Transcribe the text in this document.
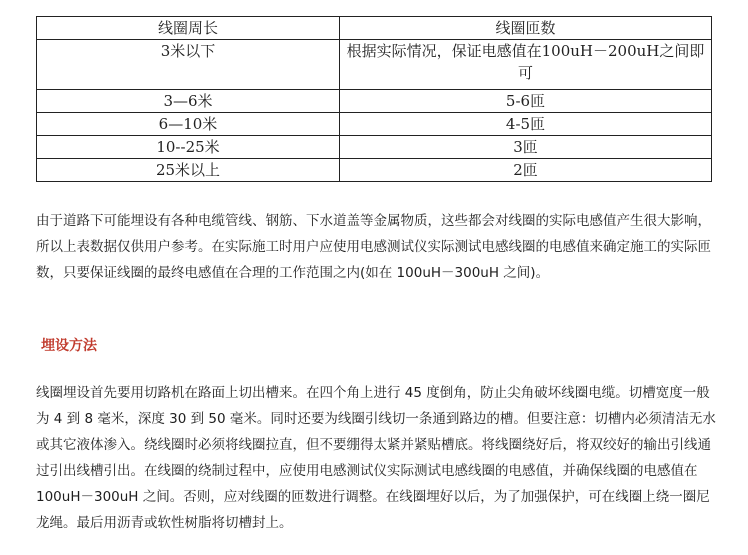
线圈周长	线圈匝数
3米以下	根据实际情况，保证电感值在100uH－200uH之间即可
3—6米	5-6匝
6—10米	4-5匝
10--25米	3匝
25米以上	2匝

由于道路下可能埋设有各种电缆管线、钢筋、下水道盖等金属物质，这些都会对线圈的实际电感值产生很大影响，所以上表数据仅供用户参考。在实际施工时用户应使用电感测试仪实际测试电感线圈的电感值来确定施工的实际匝数，只要保证线圈的最终电感值在合理的工作范围之内(如在 100uH－300uH 之间)。

埋设方法

线圈埋设首先要用切路机在路面上切出槽来。在四个角上进行 45 度倒角，防止尖角破坏线圈电缆。切槽宽度一般为 4 到 8 毫米，深度 30 到 50 毫米。同时还要为线圈引线切一条通到路边的槽。但要注意：切槽内必须清洁无水或其它液体渗入。绕线圈时必须将线圈拉直，但不要绷得太紧并紧贴槽底。将线圈绕好后，将双绞好的输出引线通过引出线槽引出。在线圈的绕制过程中，应使用电感测试仪实际测试电感线圈的电感值，并确保线圈的电感值在 100uH－300uH 之间。否则，应对线圈的匝数进行调整。在线圈埋好以后，为了加强保护，可在线圈上绕一圈尼龙绳。最后用沥青或软性树脂将切槽封上。
